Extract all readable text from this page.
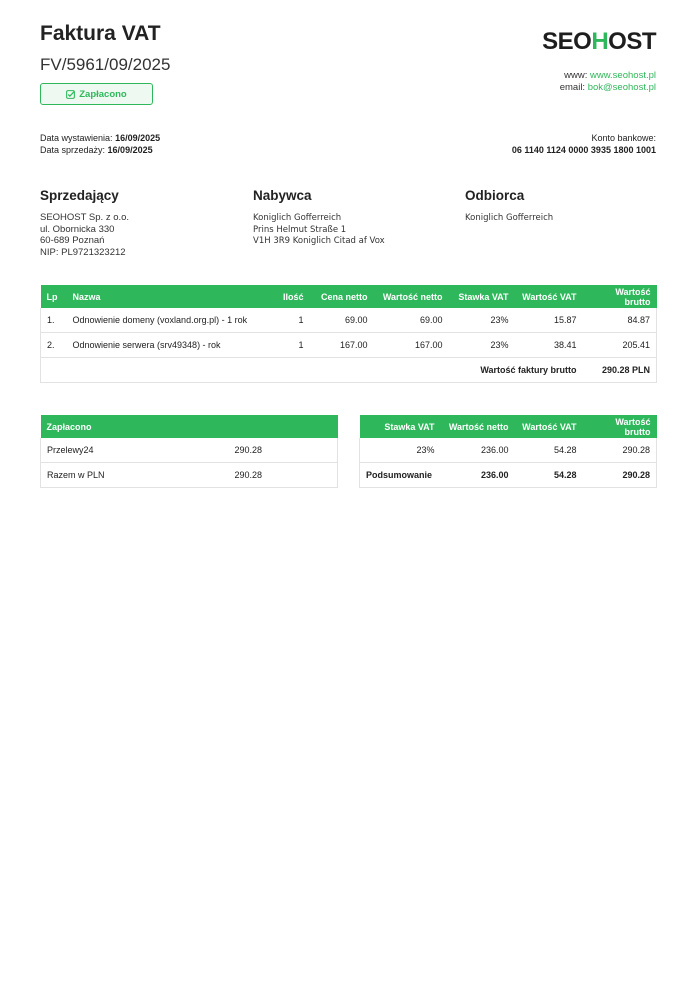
Faktura VAT
FV/5961/09/2025
Zapłacono
SEOHOST
www: www.seohost.pl
email: bok@seohost.pl
Data wystawienia: 16/09/2025
Data sprzedaży: 16/09/2025
Konto bankowe:
06 1140 1124 0000 3935 1800 1001
Sprzedający
SEOHOST Sp. z o.o.
ul. Obornicka 330
60-689 Poznań
NIP: PL9721323212
Nabywca
Koniglich Gofferreich
Prins Helmut Straße 1
V1H 3R9 Koniglich Citad af Vox
Odbiorca
Koniglich Gofferreich
Lp	Nazwa	Ilość	Cena netto	Wartość netto	Stawka VAT	Wartość VAT	Wartość brutto
1.	Odnowienie domeny (voxland.org.pl) - 1 rok	1	69.00	69.00	23%	15.87	84.87
2.	Odnowienie serwera (srv49348) - rok	1	167.00	167.00	23%	38.41	205.41
Wartość faktury brutto							290.28 PLN
Zapłacono	
Przelewy24	290.28
Razem w PLN	290.28
Stawka VAT	Wartość netto	Wartość VAT	Wartość brutto
23%	236.00	54.28	290.28
Podsumowanie	236.00	54.28	290.28
